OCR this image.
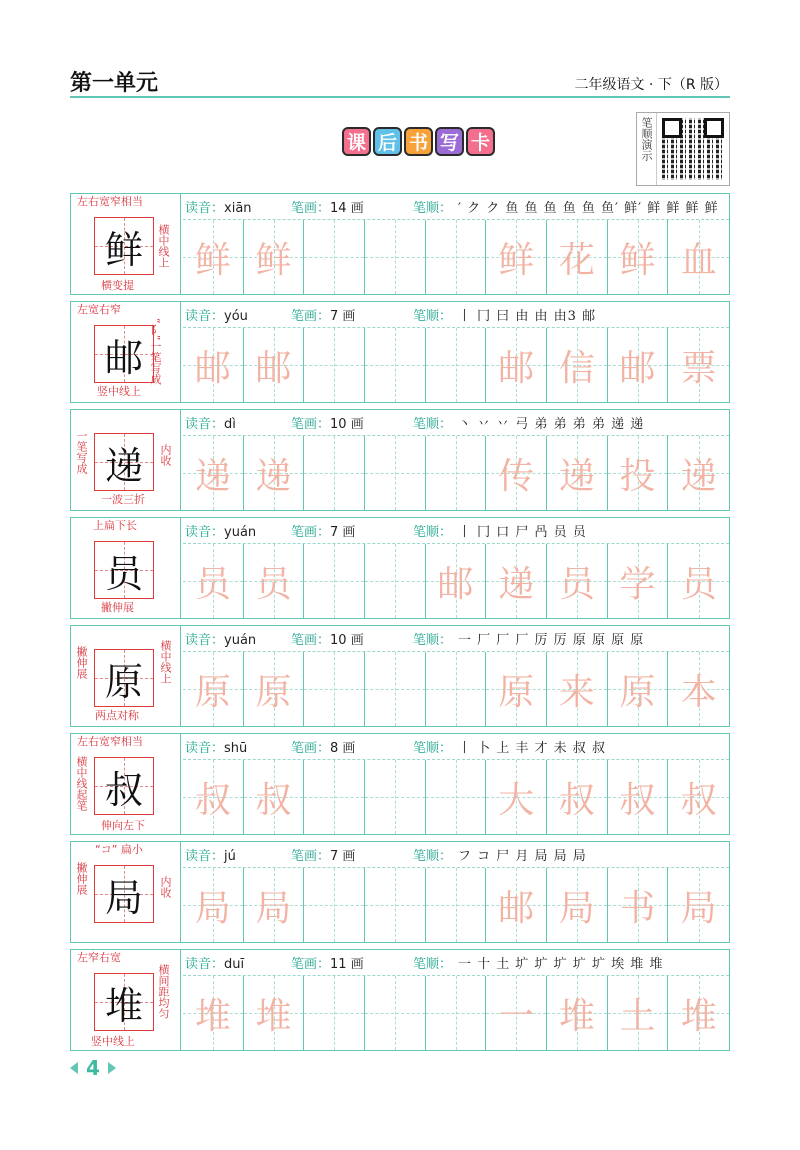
第一单元	二年级语文 · 下（R 版）
课 后 书 写 卡	笔顺演示
鲜
左右宽窄相当
横中线上
横变提
读音：xiān	笔画：14 画	笔顺： ′ ク ク 鱼 鱼 鱼 鱼 鱼 鱼′ 鲜′ 鲜 鲜 鲜 鲜
鲜 鲜	鲜 花 鲜 血
邮
左宽右窄
“阝”一笔写成
竖中线上
读音：yóu	笔画：7 画	笔顺： 丨 冂 曰 由 由 由3 邮
邮 邮	邮 信 邮 票
递
一笔写成	内收
一波三折
读音：dì	笔画：10 画	笔顺： 丶 丷 丷 弓 弟 弟 弟 弟 递 递
递 递	传 递 投 递
员
上扁下长
撇伸展
读音：yuán	笔画：7 画	笔顺： 丨 冂 口 尸 冎 员 员
员 员	邮 递 员 学 员
原
撇伸展	横中线上
两点对称
读音：yuán	笔画：10 画	笔顺： 一 厂 厂 厂 厉 厉 原 原 原 原
原 原	原 来 原 本
叔
左右宽窄相当
横中线起笔
伸向左下
读音：shū	笔画：8 画	笔顺： 丨 卜 上 丰 才 未 叔 叔
叔 叔	大 叔 叔 叔
局
“コ” 扁小
撇伸展	内收
读音：jú	笔画：7 画	笔顺： フ コ 尸 月 局 局 局
局 局	邮 局 书 局
堆
左窄右宽
横间距均匀
竖中线上
读音：duī	笔画：11 画	笔顺： 一 十 土 圹 圹 圹 圹 圹 埃 堆 堆
堆 堆	一 堆 土 堆
4
